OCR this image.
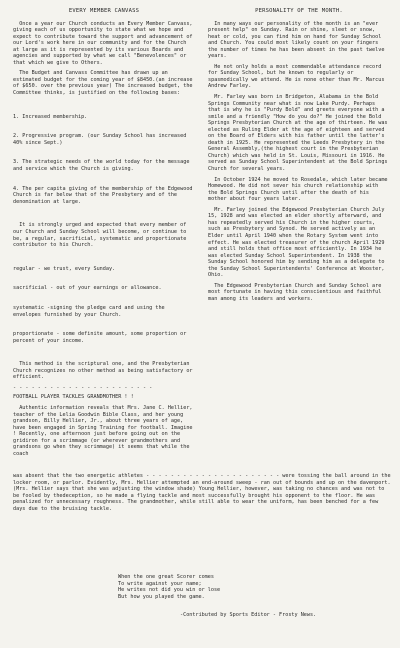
EVERY MEMBER CANVASS
Once a year our Church conducts an Every Member Canvass, giving each of us opportunity to state what we hope and expect to contribute toward the support and advancement of our Lord's work here in our community and for the Church at large as it is represented by its various Boards and agencies and supported by what we call "Benevolences" or that which we give to Others.
The Budget and Canvass Committee has drawn up an estimated budget for the coming year of $8450.(an increase of $650. over the previous year) The increased budget, the Committee thinks, is justified on the following bases:

1. Increased membership.

2. Progressive program. (our Sunday School has increased 40% since Sept.)

3. The strategic needs of the world today for the message and service which the Church is giving.

4. The per capita giving of the membership of the Edgewood Church is far below that of the Presbytery and of the denomination at large.

It is strongly urged and expected that every member of our Church and Sunday School will become, or continue to be, a regular, sacrificial, systematic and proportionate contributor to his Church.

regular - we trust, every Sunday.

sacrificial - out of your earnings or allowance.

systematic -signing the pledge card and using the envelopes furnished by your Church.

proportionate - some definite amount, some proportion or percent of your income.

This method is the scriptural one, and the Presbyterian Church recognizes no other method as being satisfactory or efficient.
- - - - - - - - - - - - - - - - - - - - - - -
FOOTBALL PLAYER TACKLES GRANDMOTHER ! !
Authentic information reveals that Mrs. Jane C. Hellier, teacher of the Lelia Goodwin Bible Class, and her young grandson, Billy Hellier, Jr., about three years of age, have been engaged in Spring Training for football. Imagine ! Recently, one afternoon just before going out on the gridiron for a scrimmage (or wherever grandmothers and grandsons go when they scrimmage) it seems that while the coach
PERSONALITY OF THE MONTH.
In many ways our personality of the month is an "ever present help" on Sunday. Rain or shine, sleet or snow, heat or cold, you can find him on hand for Sunday School and Church. You could most likely count on your fingers the number of times he has been absent in the past twelve years.
He not only holds a most commendable attendance record for Sunday School, but he known to regularly or spasmodically we attend. He is none other than Mr. Marcus Andrew Farley.
Mr. Farley was born in Bridgeton, Alabama in the Bold Springs Community near what is now Lake Purdy. Perhaps that is why he is "Purdy Bold" and greets everyone with a smile and a friendly "How do you do?" He joined the Bold Springs Presbyterian Church at the age of thirteen. He was elected as Ruling Elder at the age of eighteen and served on the Board of Elders with his father until the latter's death in 1925. He represented the Leeds Presbytery in the General Assembly,(the highest court in the Presbyterian Church) which was held in St. Louis, Missouri in 1916. He served as Sunday School Superintendent at the Bold Springs Church for several years.
In October 1924 he moved to Rosedale, which later became Homewood. He did not sever his church relationship with the Bold Springs Church until after the death of his mother about four years later.
Mr. Farley joined the Edgewood Presbyterian Church July 15, 1928 and was elected an elder shortly afterward, and has repeatedly served his Church in the higher courts, such as Presbytery and Synod. He served actively as an Elder until April 1940 when the Rotary System went into effect. He was elected treasurer of the church April 1929 and still holds that office most efficiently. In 1934 he was elected Sunday School Superintendent. In 1938 the Sunday School honored him by sending him as a delegate to the Sunday School Superintendents' Conference at Wooster, Ohio.
The Edgewood Presbyterian Church and Sunday School are most fortunate in having this conscientious and faithful man among its leaders and workers.
was absent that the two energetic athletes - - - - - - - - - - - - - - - - - - - - - - were tossing the ball around in the locker room, or parlor. Evidently, Mrs. Hellier attempted an end-around sweep - ran out of bounds and up on the davenport.(Mrs. Hellier says that she was adjusting the window shade) Young Hellier, however, was taking no chances and was not to be fooled by thedeception, so he made a flying tackle and most successfully brought his opponent to the floor. He was penalized for unnecessary roughness. The grandmother, while still able to wear the uniform, has been benched for a few days due to the bruising tackle.
When the one great Scorer comes
To write against your name;
He writes not did you win or lose
But how you played the game.
-Contributed by Sports Editor - Frosty News.
